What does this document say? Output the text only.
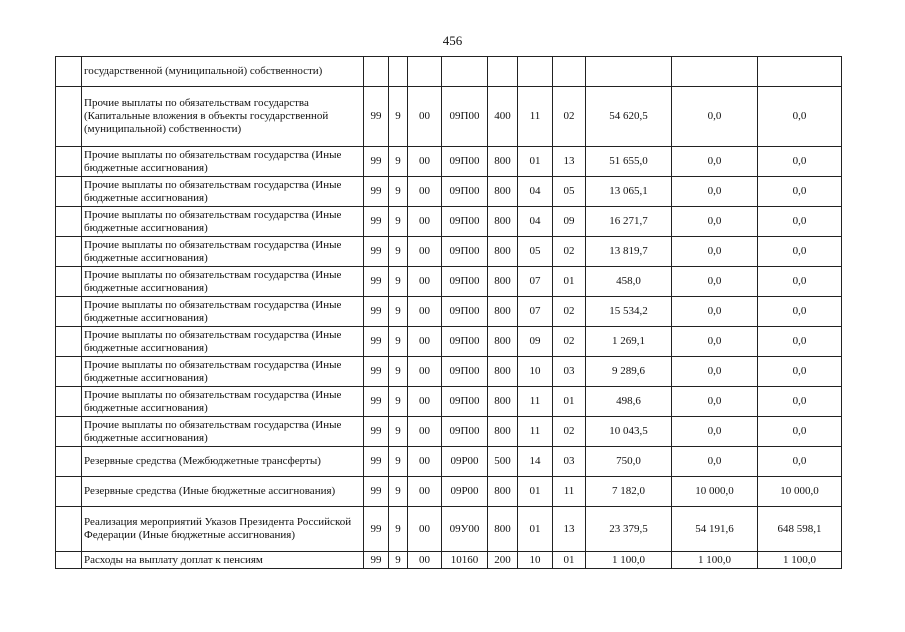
456
	государственной (муниципальной) собственности)										
	Прочие выплаты по обязательствам государства (Капитальные вложения в объекты государственной (муниципальной) собственности)	99	9	00	09П00	400	11	02	54 620,5	0,0	0,0
	Прочие выплаты по обязательствам государства (Иные бюджетные ассигнования)	99	9	00	09П00	800	01	13	51 655,0	0,0	0,0
	Прочие выплаты по обязательствам государства (Иные бюджетные ассигнования)	99	9	00	09П00	800	04	05	13 065,1	0,0	0,0
	Прочие выплаты по обязательствам государства (Иные бюджетные ассигнования)	99	9	00	09П00	800	04	09	16 271,7	0,0	0,0
	Прочие выплаты по обязательствам государства (Иные бюджетные ассигнования)	99	9	00	09П00	800	05	02	13 819,7	0,0	0,0
	Прочие выплаты по обязательствам государства (Иные бюджетные ассигнования)	99	9	00	09П00	800	07	01	458,0	0,0	0,0
	Прочие выплаты по обязательствам государства (Иные бюджетные ассигнования)	99	9	00	09П00	800	07	02	15 534,2	0,0	0,0
	Прочие выплаты по обязательствам государства (Иные бюджетные ассигнования)	99	9	00	09П00	800	09	02	1 269,1	0,0	0,0
	Прочие выплаты по обязательствам государства (Иные бюджетные ассигнования)	99	9	00	09П00	800	10	03	9 289,6	0,0	0,0
	Прочие выплаты по обязательствам государства (Иные бюджетные ассигнования)	99	9	00	09П00	800	11	01	498,6	0,0	0,0
	Прочие выплаты по обязательствам государства (Иные бюджетные ассигнования)	99	9	00	09П00	800	11	02	10 043,5	0,0	0,0
	Резервные средства (Межбюджетные трансферты)	99	9	00	09Р00	500	14	03	750,0	0,0	0,0
	Резервные средства (Иные бюджетные ассигнования)	99	9	00	09Р00	800	01	11	7 182,0	10 000,0	10 000,0
	Реализация мероприятий Указов Президента Российской Федерации (Иные бюджетные ассигнования)	99	9	00	09У00	800	01	13	23 379,5	54 191,6	648 598,1
	Расходы на выплату доплат к пенсиям	99	9	00	10160	200	10	01	1 100,0	1 100,0	1 100,0
